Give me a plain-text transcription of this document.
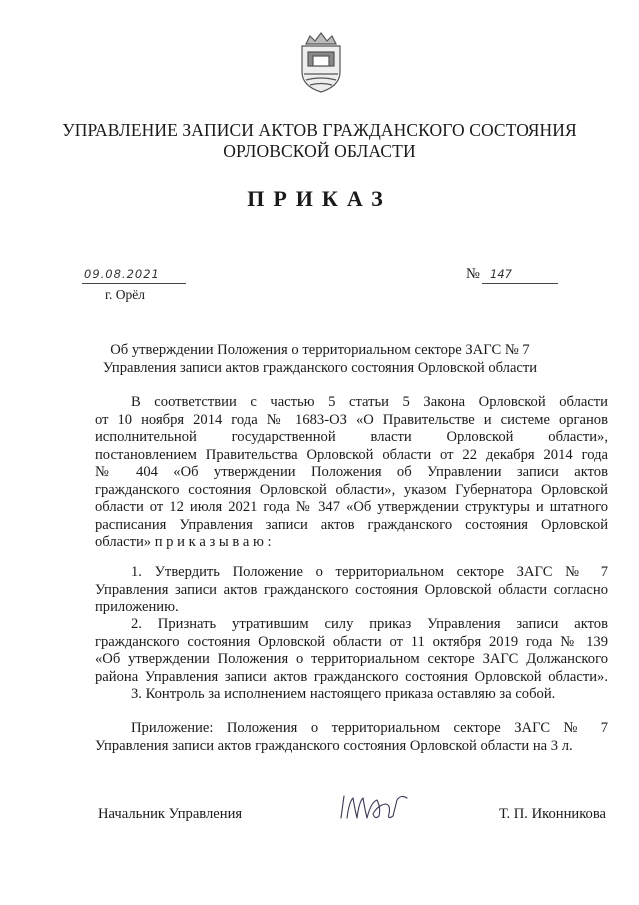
УПРАВЛЕНИЕ ЗАПИСИ АКТОВ ГРАЖДАНСКОГО СОСТОЯНИЯ
ОРЛОВСКОЙ ОБЛАСТИ
ПРИКАЗ
09.08.2021
г. Орёл
№ 147
Об утверждении Положения о территориальном секторе ЗАГС № 7
Управления записи актов гражданского состояния Орловской области
В соответствии с частью 5 статьи 5 Закона Орловской области
от 10 ноября 2014 года № 1683-ОЗ «О Правительстве и системе органов
исполнительной государственной власти Орловской области»,
постановлением Правительства Орловской области от 22 декабря 2014 года
№ 404 «Об утверждении Положения об Управлении записи актов
гражданского состояния Орловской области», указом Губернатора Орловской
области от 12 июля 2021 года № 347 «Об утверждении структуры и штатного
расписания Управления записи актов гражданского состояния Орловской
области» п р и к а з ы в а ю :
1. Утвердить Положение о территориальном секторе ЗАГС № 7
Управления записи актов гражданского состояния Орловской области согласно
приложению.
2. Признать утратившим силу приказ Управления записи актов
гражданского состояния Орловской области от 11 октября 2019 года № 139
«Об утверждении Положения о территориальном секторе ЗАГС Должанского
района Управления записи актов гражданского состояния Орловской области».
3. Контроль за исполнением настоящего приказа оставляю за собой.
Приложение: Положения о территориальном секторе ЗАГС № 7
Управления записи актов гражданского состояния Орловской области на 3 л.
Начальник Управления	Т. П. Иконникова
